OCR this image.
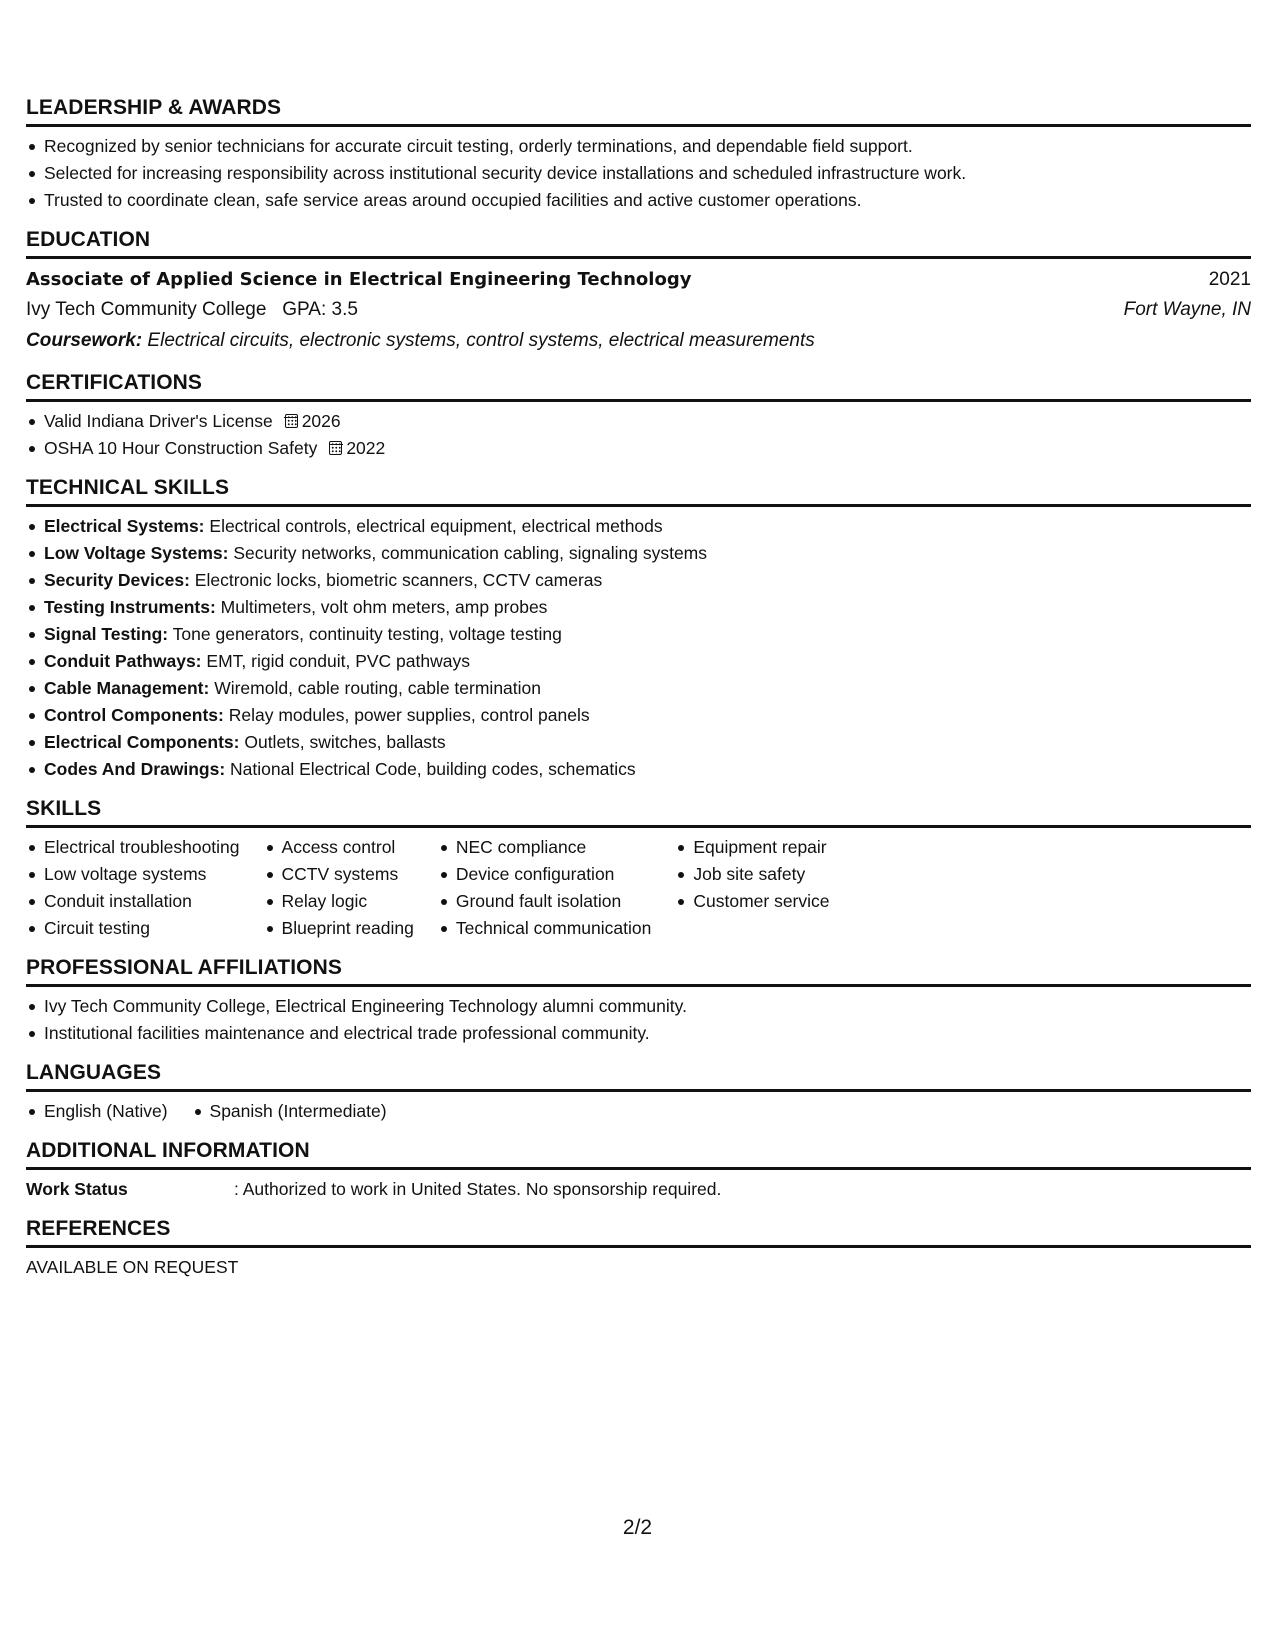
LEADERSHIP & AWARDS
Recognized by senior technicians for accurate circuit testing, orderly terminations, and dependable field support.
Selected for increasing responsibility across institutional security device installations and scheduled infrastructure work.
Trusted to coordinate clean, safe service areas around occupied facilities and active customer operations.
EDUCATION
Associate of Applied Science in Electrical Engineering Technology	2021
Ivy Tech Community College GPA: 3.5	Fort Wayne, IN
Coursework: Electrical circuits, electronic systems, control systems, electrical measurements
CERTIFICATIONS
Valid Indiana Driver's License 2026
OSHA 10 Hour Construction Safety 2022
TECHNICAL SKILLS
Electrical Systems: Electrical controls, electrical equipment, electrical methods
Low Voltage Systems: Security networks, communication cabling, signaling systems
Security Devices: Electronic locks, biometric scanners, CCTV cameras
Testing Instruments: Multimeters, volt ohm meters, amp probes
Signal Testing: Tone generators, continuity testing, voltage testing
Conduit Pathways: EMT, rigid conduit, PVC pathways
Cable Management: Wiremold, cable routing, cable termination
Control Components: Relay modules, power supplies, control panels
Electrical Components: Outlets, switches, ballasts
Codes And Drawings: National Electrical Code, building codes, schematics
SKILLS
Electrical troubleshooting
Low voltage systems
Conduit installation
Circuit testing
Access control
CCTV systems
Relay logic
Blueprint reading
NEC compliance
Device configuration
Ground fault isolation
Technical communication
Equipment repair
Job site safety
Customer service
PROFESSIONAL AFFILIATIONS
Ivy Tech Community College, Electrical Engineering Technology alumni community.
Institutional facilities maintenance and electrical trade professional community.
LANGUAGES
English (Native)	Spanish (Intermediate)
ADDITIONAL INFORMATION
Work Status	: Authorized to work in United States. No sponsorship required.
REFERENCES
AVAILABLE ON REQUEST
2/2
